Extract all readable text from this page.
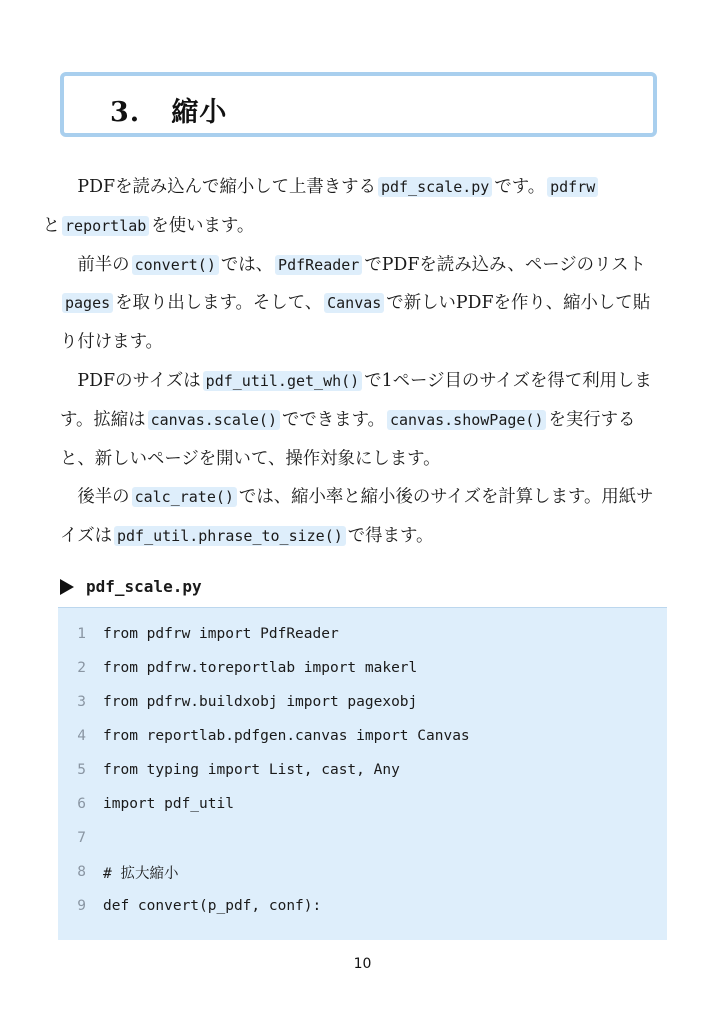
3. 縮小

PDFを読み込んで縮小して上書きする pdf_scale.py です。 pdfrw
と reportlab を使います。

前半の convert() では、 PdfReader でPDFを読み込み、ページのリストpages を取り出します。そして、 Canvas で新しいPDFを作り、縮小して貼り付けます。

PDFのサイズは pdf_util.get_wh() で1ページ目のサイズを得て利用します。拡縮は canvas.scale() でできます。 canvas.showPage() を実行すると、新しいページを開いて、操作対象にします。

後半の calc_rate() では、縮小率と縮小後のサイズを計算します。用紙サイズは pdf_util.phrase_to_size() で得ます。

pdf_scale.py
1 from pdfrw import PdfReader
2 from pdfrw.toreportlab import makerl
3 from pdfrw.buildxobj import pagexobj
4 from reportlab.pdfgen.canvas import Canvas
5 from typing import List, cast, Any
6 import pdf_util
7
8 # 拡大縮小
9 def convert(p_pdf, conf):
10
